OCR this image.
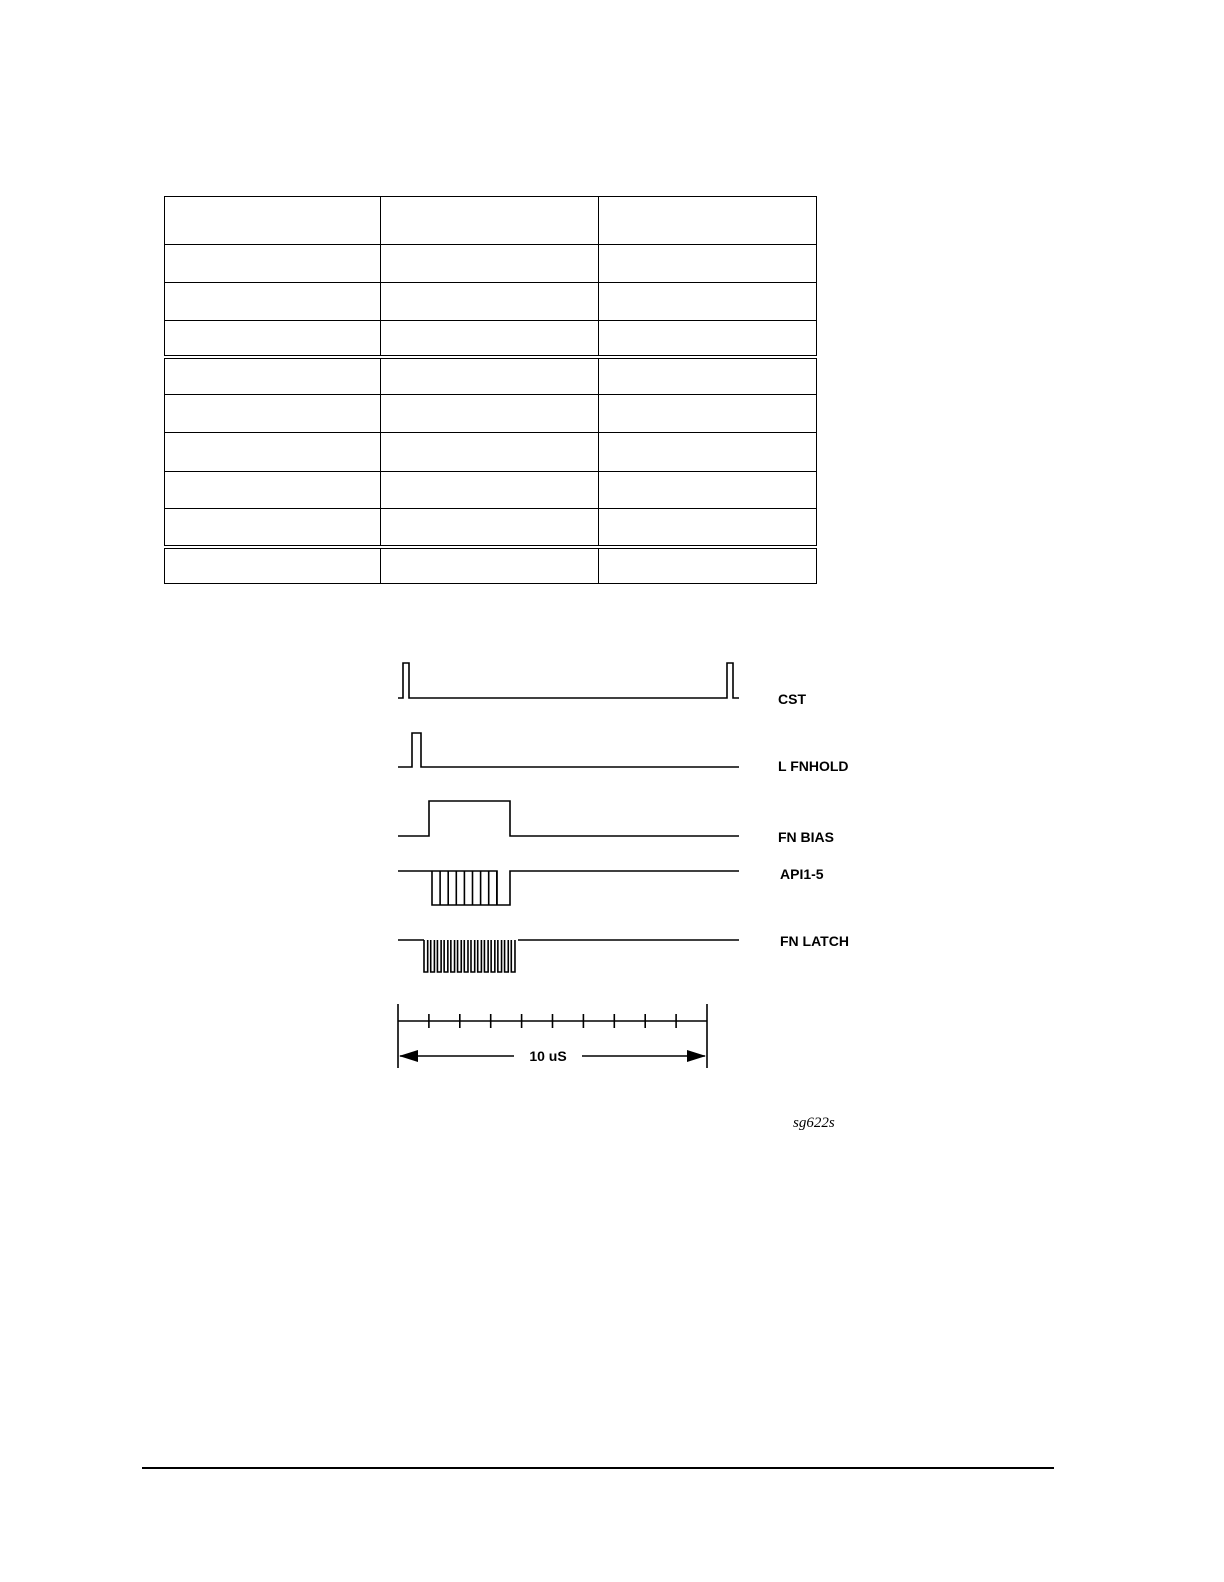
10 uS
CST
L FNHOLD
FN BIAS
API1-5
FN LATCH
sg622s
